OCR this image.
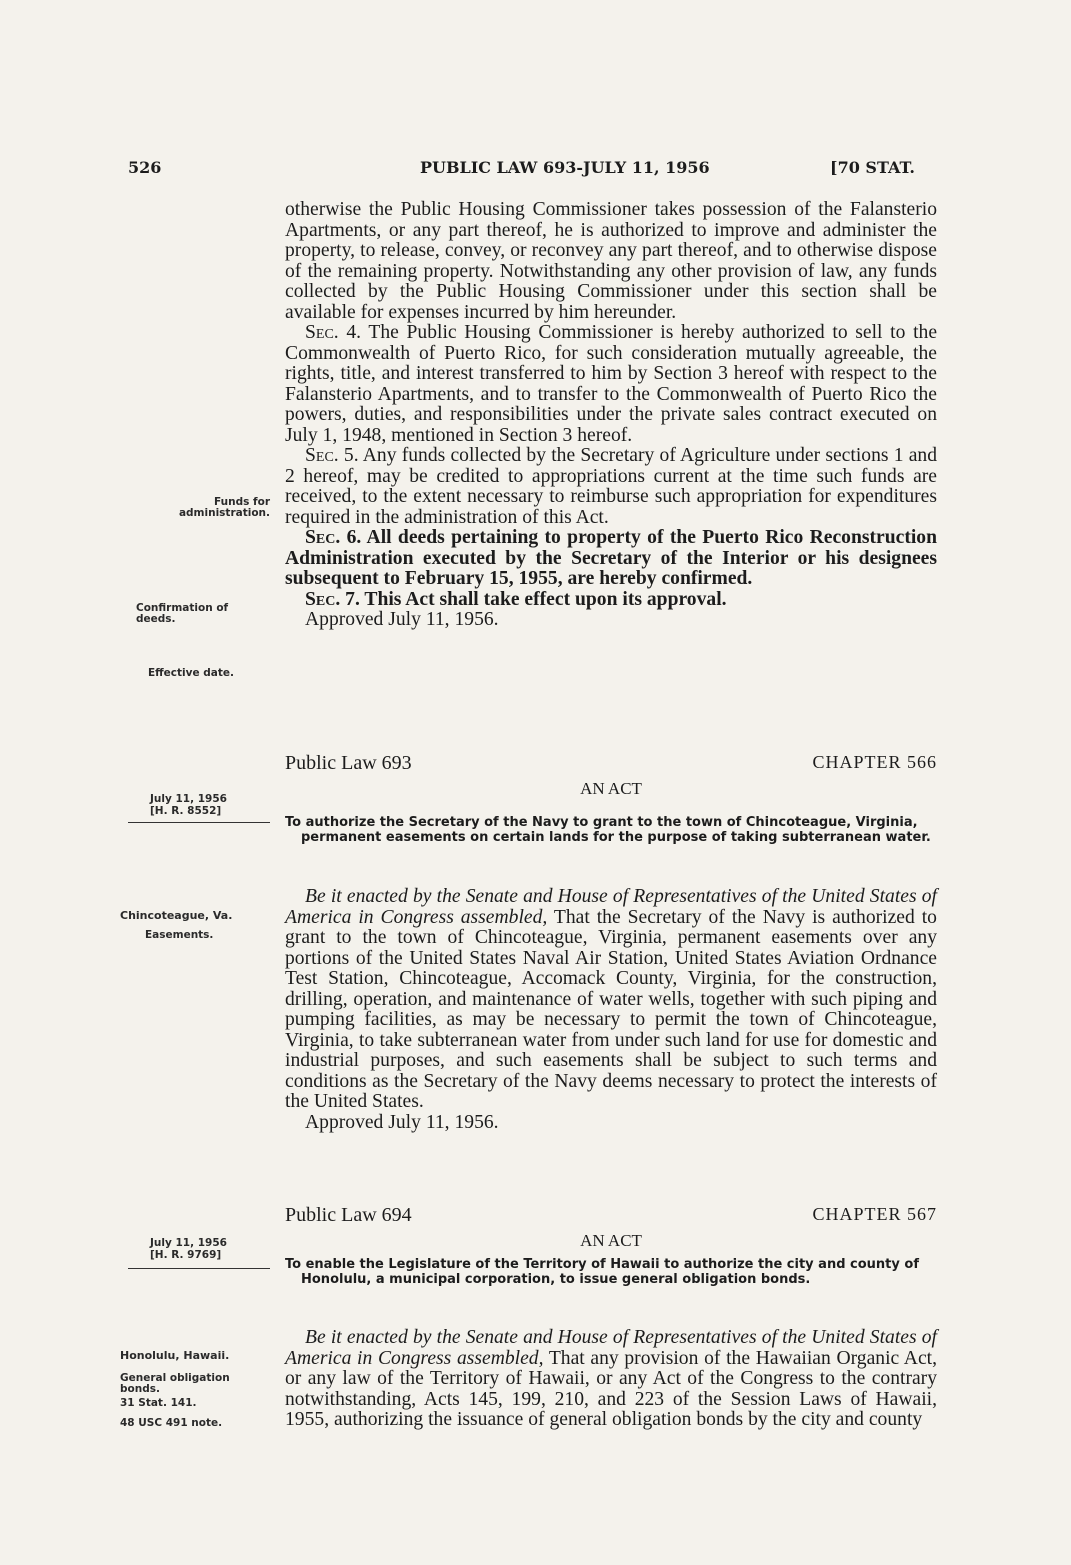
526	PUBLIC LAW 693-JULY 11, 1956	[70 STAT.

otherwise the Public Housing Commissioner takes possession of the Falansterio Apartments, or any part thereof, he is authorized to improve and administer the property, to release, convey, or reconvey any part thereof, and to otherwise dispose of the remaining property. Notwithstanding any other provision of law, any funds collected by the Public Housing Commissioner under this section shall be available for expenses incurred by him hereunder.

Sec. 4. The Public Housing Commissioner is hereby authorized to sell to the Commonwealth of Puerto Rico, for such consideration mutually agreeable, the rights, title, and interest transferred to him by Section 3 hereof with respect to the Falansterio Apartments, and to transfer to the Commonwealth of Puerto Rico the powers, duties, and responsibilities under the private sales contract executed on July 1, 1948, mentioned in Section 3 hereof.

Sec. 5. Any funds collected by the Secretary of Agriculture under sections 1 and 2 hereof, may be credited to appropriations current at the time such funds are received, to the extent necessary to reimburse such appropriation for expenditures required in the administration of this Act.

Sec. 6. All deeds pertaining to property of the Puerto Rico Reconstruction Administration executed by the Secretary of the Interior or his designees subsequent to February 15, 1955, are hereby confirmed.

Sec. 7. This Act shall take effect upon its approval.

Approved July 11, 1956.

Funds for administration.
Confirmation of deeds.
Effective date.
Public Law 693	CHAPTER 566
AN ACT
July 11, 1956
[H. R. 8552]
To authorize the Secretary of the Navy to grant to the town of Chincoteague, Virginia, permanent easements on certain lands for the purpose of taking subterranean water.
Chincoteague, Va.
Easements.

Be it enacted by the Senate and House of Representatives of the United States of America in Congress assembled, That the Secretary of the Navy is authorized to grant to the town of Chincoteague, Virginia, permanent easements over any portions of the United States Naval Air Station, United States Aviation Ordnance Test Station, Chincoteague, Accomack County, Virginia, for the construction, drilling, operation, and maintenance of water wells, together with such piping and pumping facilities, as may be necessary to permit the town of Chincoteague, Virginia, to take subterranean water from under such land for use for domestic and industrial purposes, and such easements shall be subject to such terms and conditions as the Secretary of the Navy deems necessary to protect the interests of the United States.

Approved July 11, 1956.

Public Law 694	CHAPTER 567
AN ACT
July 11, 1956
[H. R. 9769]
To enable the Legislature of the Territory of Hawaii to authorize the city and county of Honolulu, a municipal corporation, to issue general obligation bonds.
Honolulu, Hawaii.
General obligation bonds.
31 Stat. 141.
48 USC 491 note.

Be it enacted by the Senate and House of Representatives of the United States of America in Congress assembled, That any provision of the Hawaiian Organic Act, or any law of the Territory of Hawaii, or any Act of the Congress to the contrary notwithstanding, Acts 145, 199, 210, and 223 of the Session Laws of Hawaii, 1955, authorizing the issuance of general obligation bonds by the city and county
